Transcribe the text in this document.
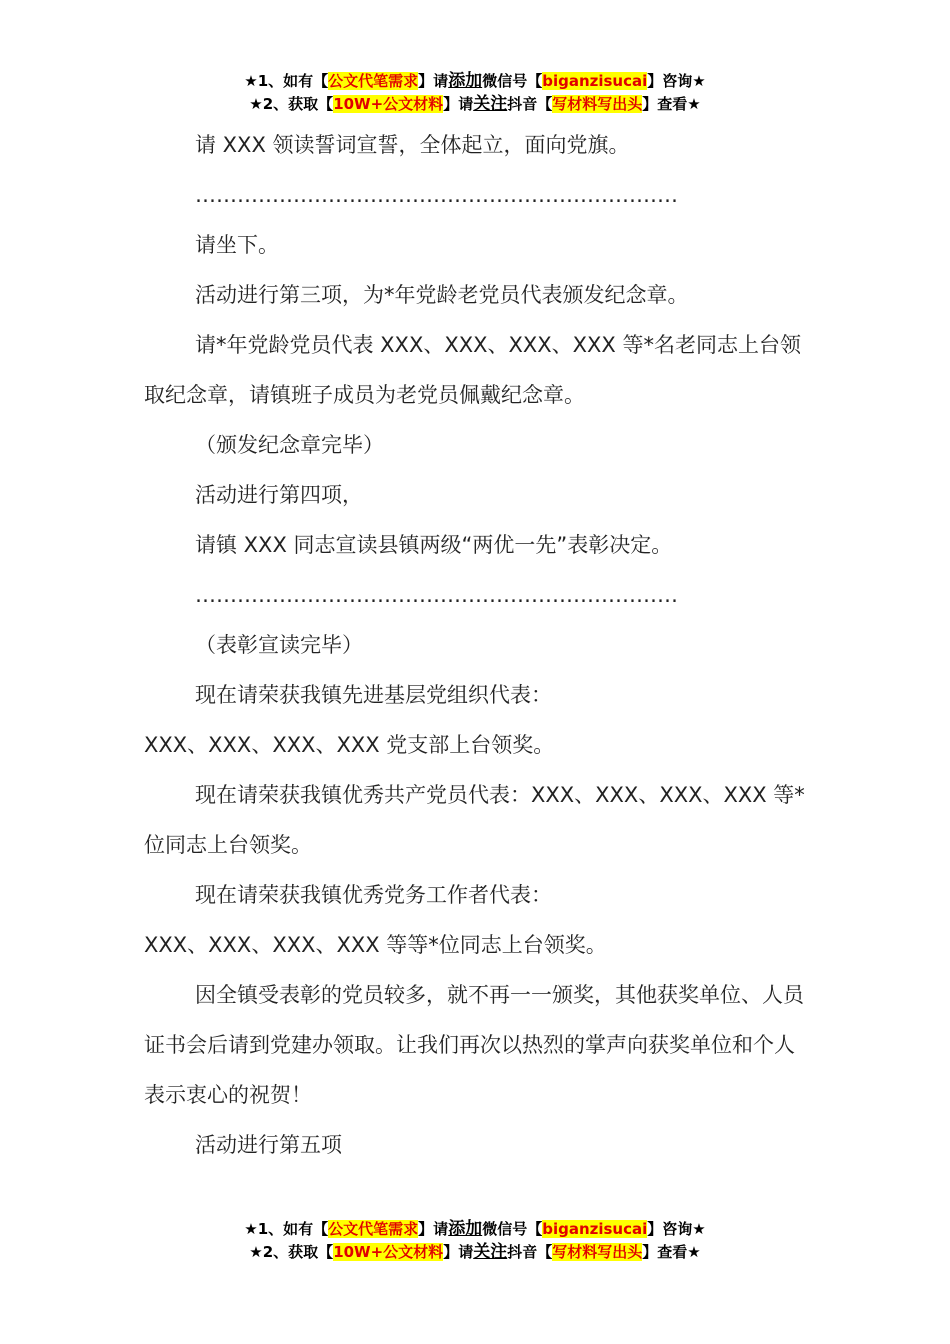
★1、如有【公文代笔需求】请添加微信号【biganzisucai】咨询★
★2、获取【10W+公文材料】请关注抖音【写材料写出头】查看★

请 XXX 领读誓词宣誓，全体起立，面向党旗。

……………………………………………………………

请坐下。

活动进行第三项，为*年党龄老党员代表颁发纪念章。

请*年党龄党员代表 XXX、XXX、XXX、XXX 等*名老同志上台领取纪念章，请镇班子成员为老党员佩戴纪念章。

（颁发纪念章完毕）

活动进行第四项，

请镇 XXX 同志宣读县镇两级“两优一先”表彰决定。

……………………………………………………………

（表彰宣读完毕）

现在请荣获我镇先进基层党组织代表：

XXX、XXX、XXX、XXX 党支部上台领奖。

现在请荣获我镇优秀共产党员代表：XXX、XXX、XXX、XXX 等*位同志上台领奖。

现在请荣获我镇优秀党务工作者代表：

XXX、XXX、XXX、XXX 等等*位同志上台领奖。

因全镇受表彰的党员较多，就不再一一颁奖，其他获奖单位、人员证书会后请到党建办领取。让我们再次以热烈的掌声向获奖单位和个人表示衷心的祝贺！

活动进行第五项

★1、如有【公文代笔需求】请添加微信号【biganzisucai】咨询★
★2、获取【10W+公文材料】请关注抖音【写材料写出头】查看★
